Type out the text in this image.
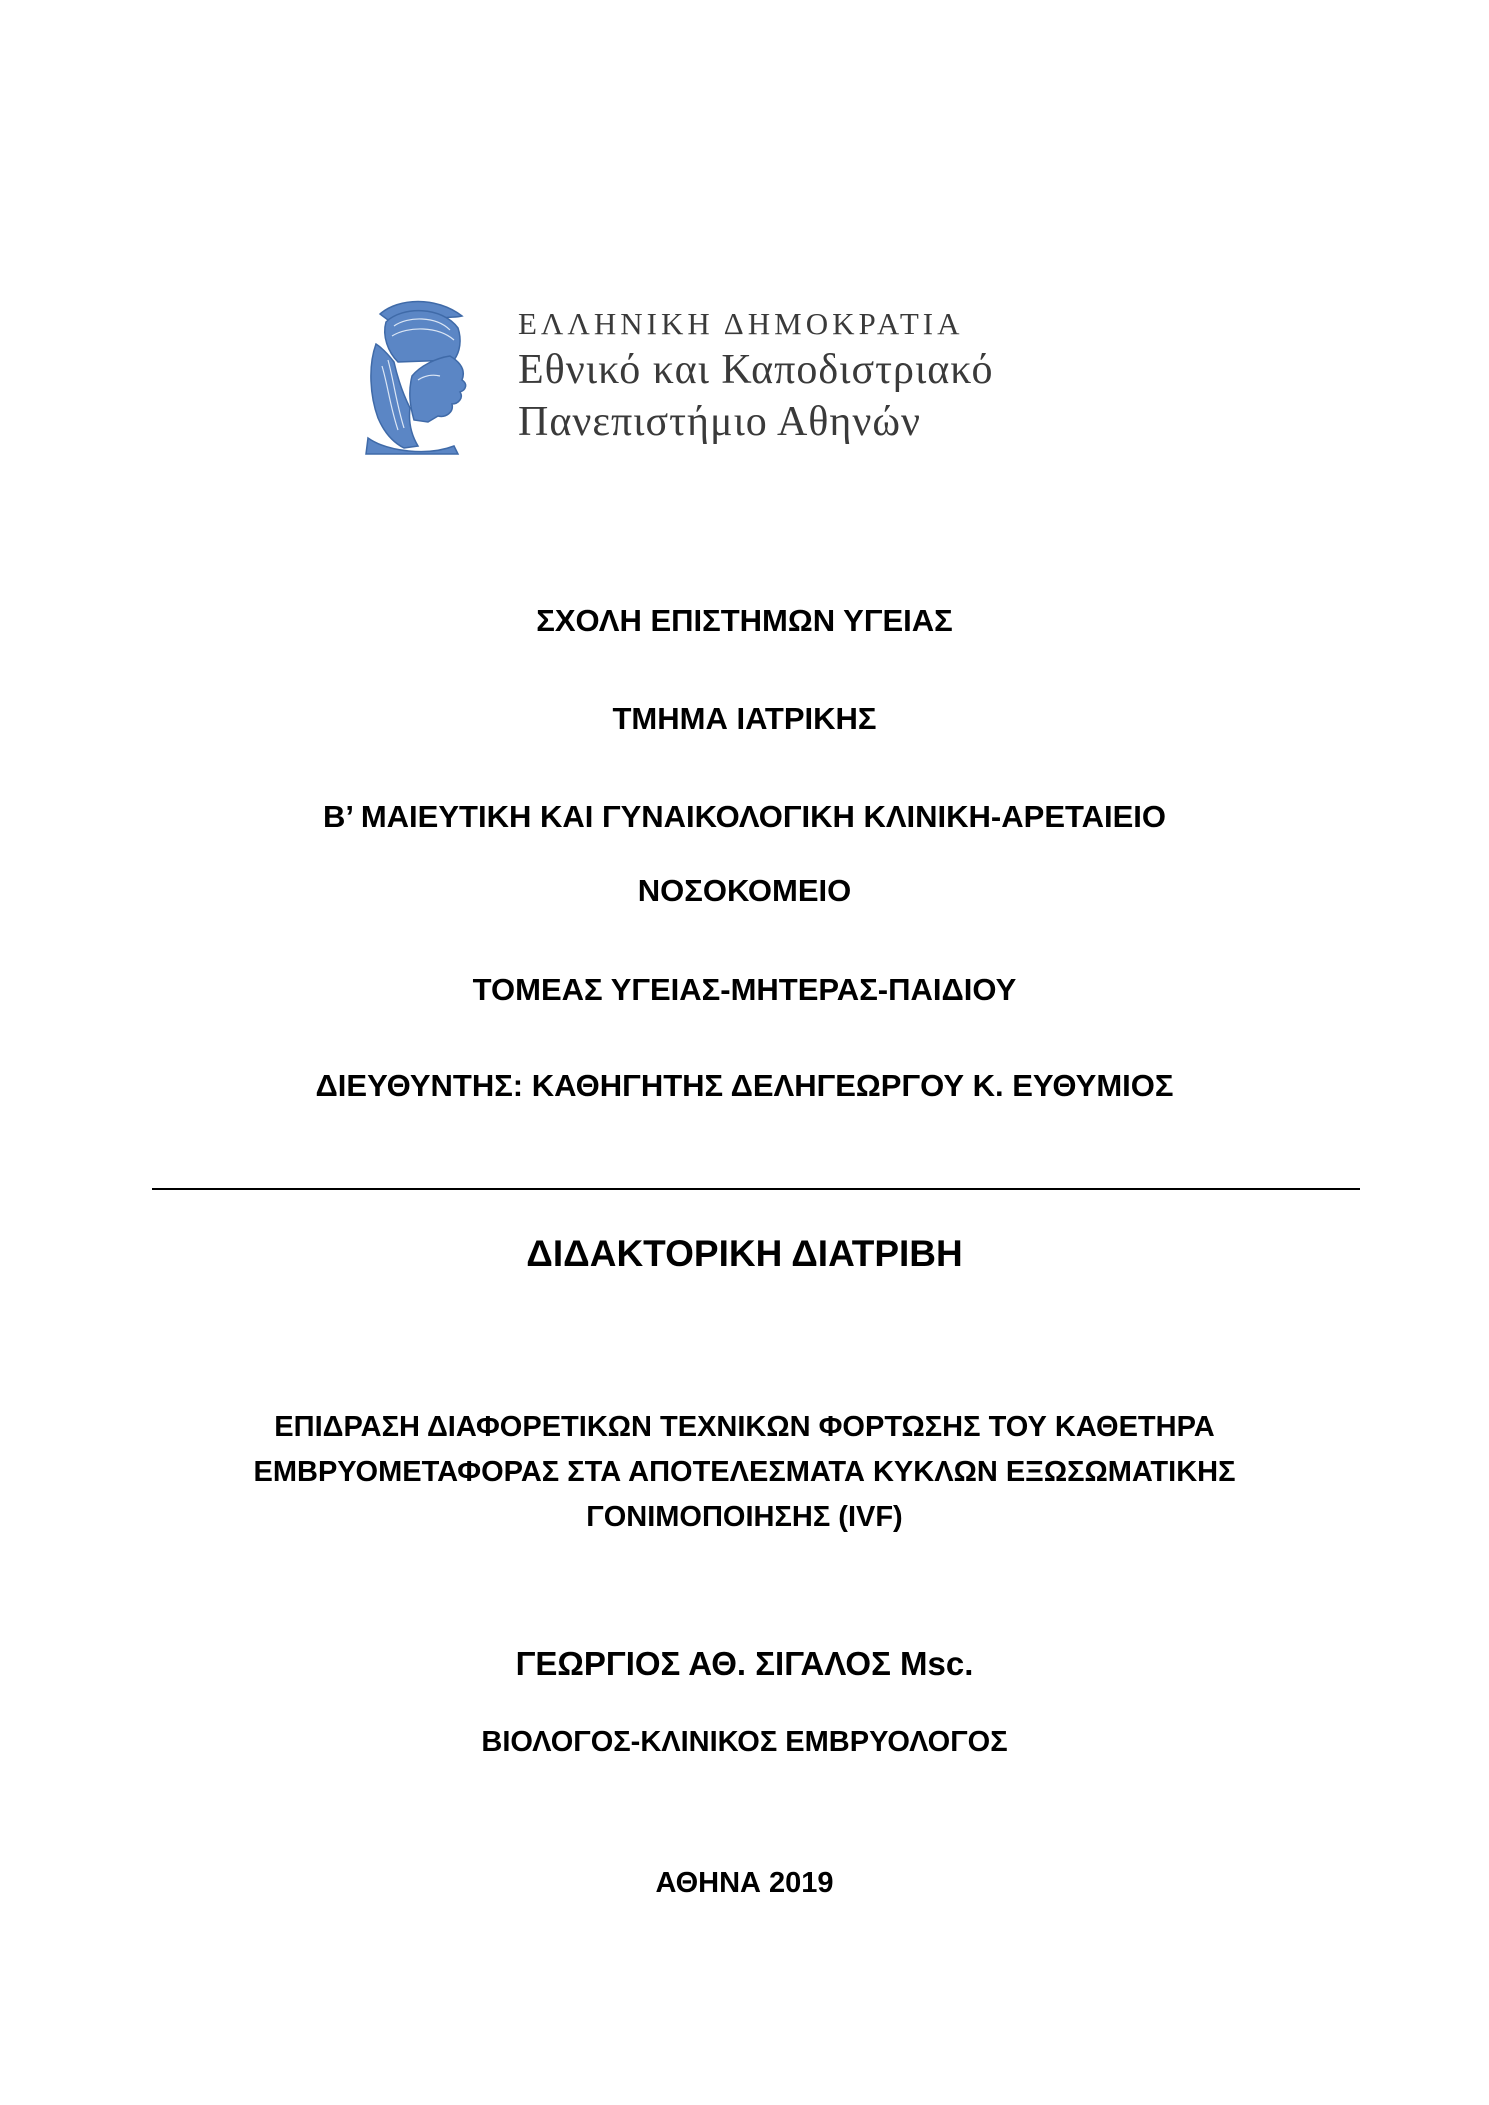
ΕΛΛΗΝΙΚΗ ΔΗΜΟΚΡΑΤΙΑ
Εθνικό και Καποδιστριακό
Πανεπιστήμιο Αθηνών
ΣΧΟΛΗ ΕΠΙΣΤΗΜΩΝ ΥΓΕΙΑΣ
ΤΜΗΜΑ ΙΑΤΡΙΚΗΣ
Β’ ΜΑΙΕΥΤΙΚΗ ΚΑΙ ΓΥΝΑΙΚΟΛΟΓΙΚΗ ΚΛΙΝΙΚΗ-ΑΡΕΤΑΙΕΙΟ
ΝΟΣΟΚΟΜΕΙΟ
ΤΟΜΕΑΣ ΥΓΕΙΑΣ-ΜΗΤΕΡΑΣ-ΠΑΙΔΙΟΥ
ΔΙΕΥΘΥΝΤΗΣ: ΚΑΘΗΓΗΤΗΣ ΔΕΛΗΓΕΩΡΓΟΥ Κ. ΕΥΘΥΜΙΟΣ
ΔΙΔΑΚΤΟΡΙΚΗ ΔΙΑΤΡΙΒΗ
ΕΠΙΔΡΑΣΗ ΔΙΑΦΟΡΕΤΙΚΩΝ ΤΕΧΝΙΚΩΝ ΦΟΡΤΩΣΗΣ ΤΟΥ ΚΑΘΕΤΗΡΑ
ΕΜΒΡΥΟΜΕΤΑΦΟΡΑΣ ΣΤΑ ΑΠΟΤΕΛΕΣΜΑΤΑ ΚΥΚΛΩΝ ΕΞΩΣΩΜΑΤΙΚΗΣ
ΓΟΝΙΜΟΠΟΙΗΣΗΣ (IVF)
ΓΕΩΡΓΙΟΣ ΑΘ. ΣΙΓΑΛΟΣ Msc.
ΒΙΟΛΟΓΟΣ-ΚΛΙΝΙΚΟΣ ΕΜΒΡΥΟΛΟΓΟΣ
ΑΘΗΝΑ 2019
